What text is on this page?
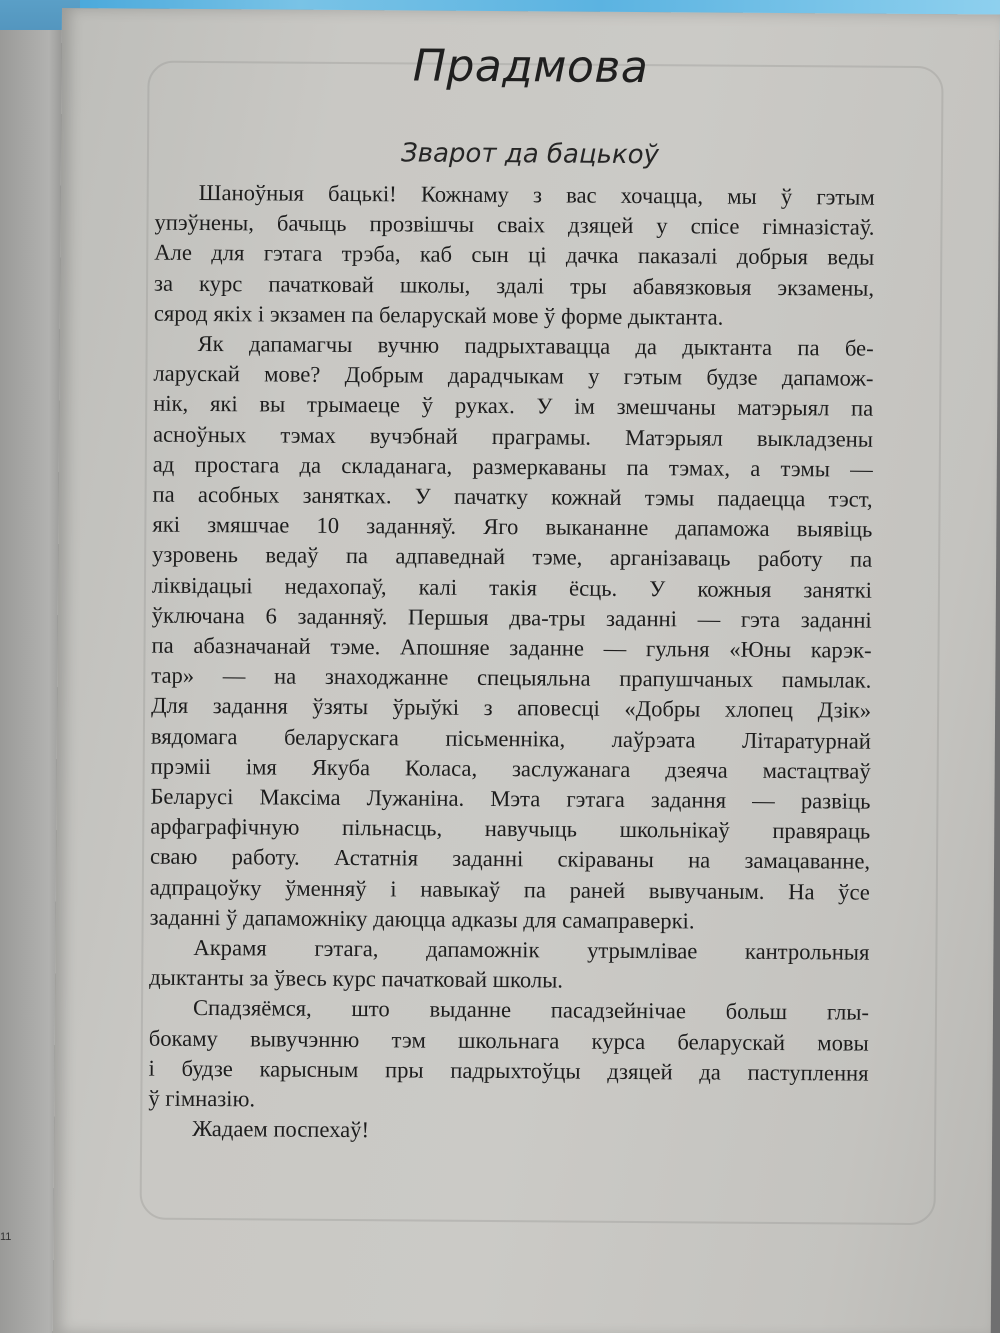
11
Прадмова
Зварот да бацькоў

Шаноўныя бацькі! Кожнаму з вас хочацца, мы ў гэтым
упэўнены, бачыць прозвішчы сваіх дзяцей у спісе гімназістаў.
Але для гэтага трэба, каб сын ці дачка паказалі добрыя веды
за курс пачатковай школы, здалі тры абавязковыя экзамены,
сярод якіх і экзамен па беларускай мове ў форме дыктанта.

Як дапамагчы вучню падрыхтавацца да дыктанта па бе-
ларускай мове? Добрым дарадчыкам у гэтым будзе дапамож-
нік, які вы трымаеце ў руках. У ім змешчаны матэрыял па
асноўных тэмах вучэбнай праграмы. Матэрыял выкладзены
ад простага да складанага, размеркаваны па тэмах, а тэмы —
па асобных занятках. У пачатку кожнай тэмы падаецца тэст,
які змяшчае 10 заданняў. Яго выкананне дапаможа выявіць
узровень ведаў па адпаведнай тэме, арганізаваць работу па
ліквідацыі недахопаў, калі такія ёсць. У кожныя заняткі
ўключана 6 заданняў. Першыя два-тры заданні — гэта заданні
па абазначанай тэме. Апошняе заданне — гульня «Юны карэк-
тар» — на знаходжанне спецыяльна прапушчаных памылак.
Для задання ўзяты ўрыўкі з аповесці «Добры хлопец Дзік»
вядомага беларускага пісьменніка, лаўрэата Літаратурнай
прэміі імя Якуба Коласа, заслужанага дзеяча мастацтваў
Беларусі Максіма Лужаніна. Мэта гэтага задання — развіць
арфаграфічную пільнасць, навучыць школьнікаў правяраць
сваю работу. Астатнія заданні скіраваны на замацаванне,
адпрацоўку ўменняў і навыкаў па раней вывучаным. На ўсе
заданні ў дапаможніку даюцца адказы для самаправеркі.

Акрамя гэтага, дапаможнік утрымлівае кантрольныя
дыктанты за ўвесь курс пачатковай школы.

Спадзяёмся, што выданне пасадзейнічае больш глы-
бокаму вывучэнню тэм школьнага курса беларускай мовы
і будзе карысным пры падрыхтоўцы дзяцей да паступлення
ў гімназію.

Жадаем поспехаў!
